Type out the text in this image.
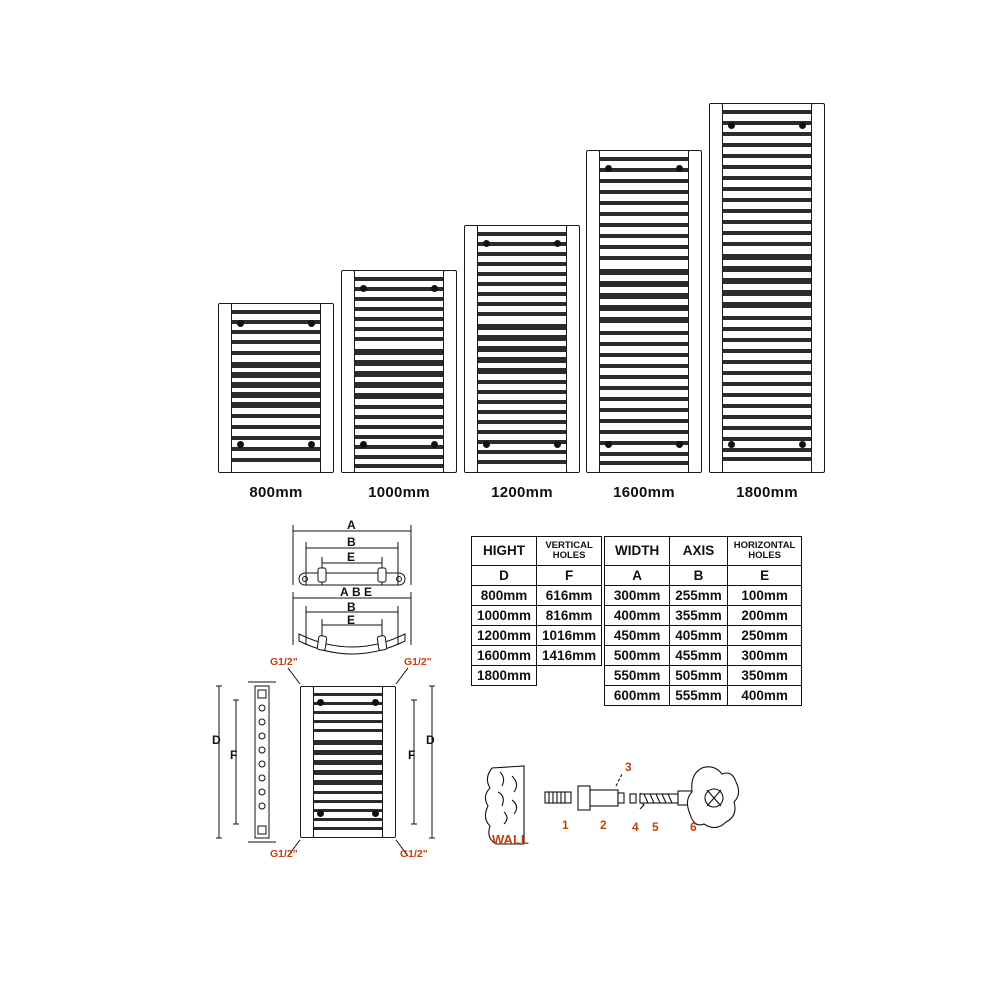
800mm	1000mm	1200mm	1600mm	1800mm
A
B
E
A B E
B
E
HIGHT	VERTICAL
HOLES
D	F
800mm	616mm
1000mm	816mm
1200mm	1016mm
1600mm	1416mm
1800mm	
WIDTH	AXIS	HORIZONTAL
HOLES
A	B	E
300mm	255mm	100mm
400mm	355mm	200mm
450mm	405mm	250mm
500mm	455mm	300mm
550mm	505mm	350mm
600mm	555mm	400mm
D
F	F
D
G1/2"	G1/2"
G1/2"	G1/2"
WALL
1	2
3
4 5	6
